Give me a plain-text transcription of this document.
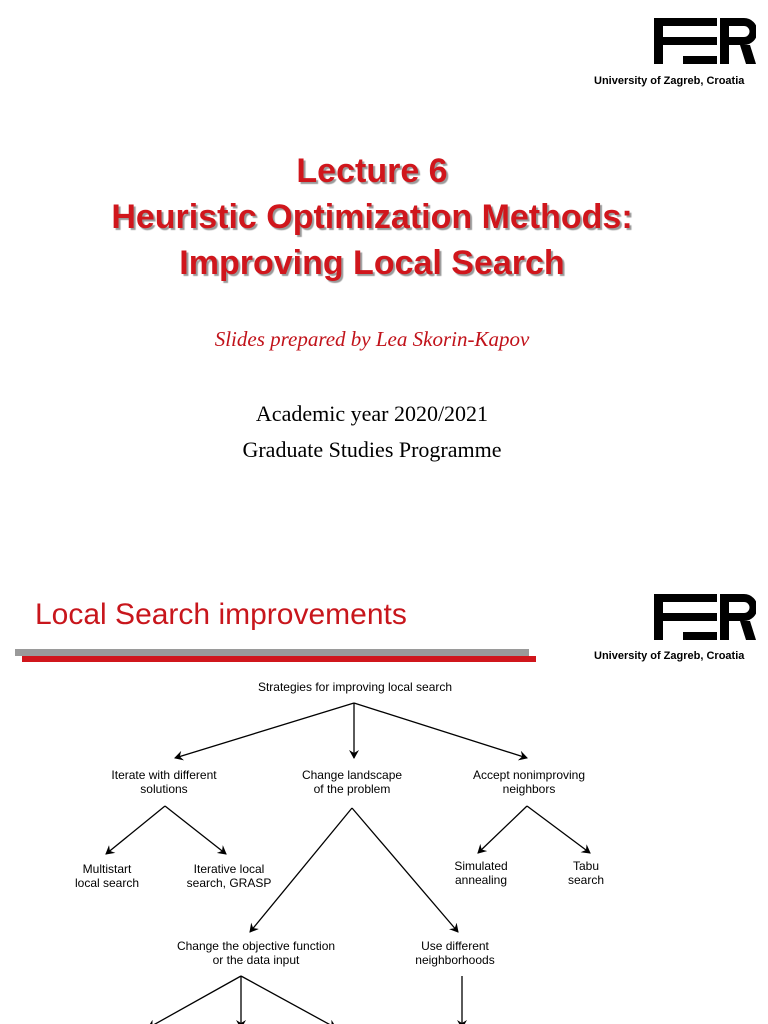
University of Zagreb, Croatia
Lecture 6
Heuristic Optimization Methods:
Improving Local Search
Slides prepared by Lea Skorin-Kapov
Academic year 2020/2021
Graduate Studies Programme
Local Search improvements
University of Zagreb, Croatia
Strategies for improving local search
Iterate with different
solutions
Change landscape
of the problem
Accept nonimproving
neighbors
Multistart
local search
Iterative local
search, GRASP
Simulated
annealing
Tabu
search
Change the objective function
or the data input
Use different
neighborhoods
